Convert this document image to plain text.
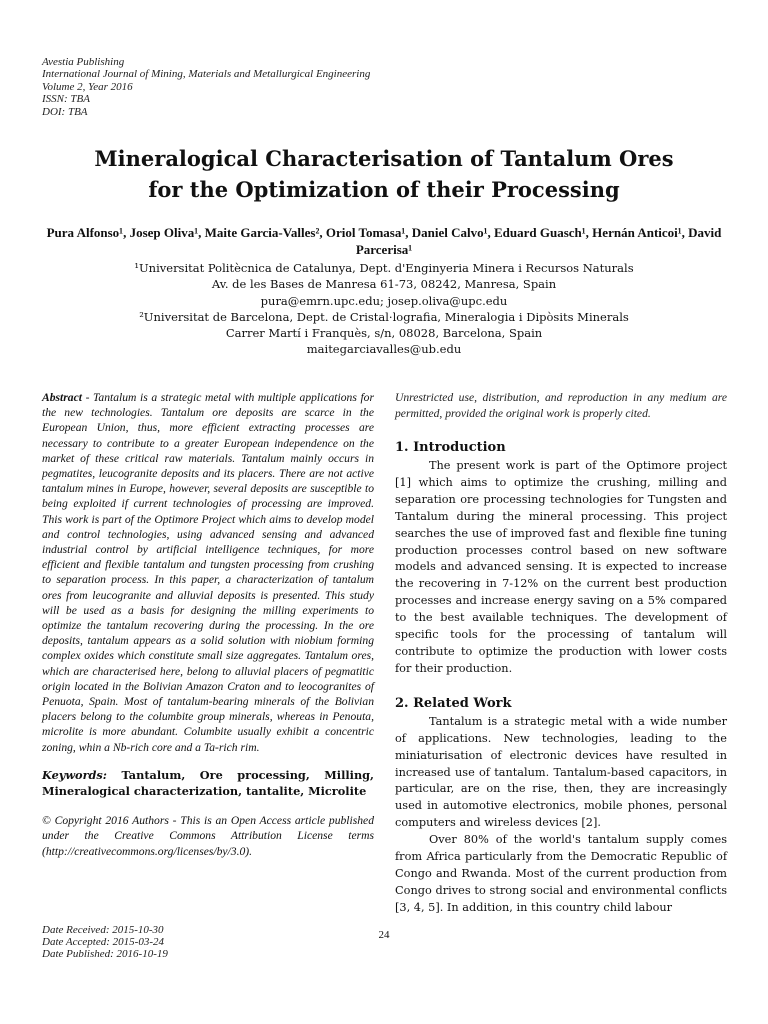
Avestia Publishing
International Journal of Mining, Materials and Metallurgical Engineering
Volume 2, Year 2016
ISSN: TBA
DOI: TBA
Mineralogical Characterisation of Tantalum Ores
for the Optimization of their Processing
Pura Alfonso¹, Josep Oliva¹, Maite Garcia-Valles², Oriol Tomasa¹, Daniel Calvo¹, Eduard Guasch¹, Hernán Anticoi¹, David Parcerisa¹
¹Universitat Politècnica de Catalunya, Dept. d'Enginyeria Minera i Recursos Naturals
Av. de les Bases de Manresa 61-73, 08242, Manresa, Spain
pura@emrn.upc.edu; josep.oliva@upc.edu
²Universitat de Barcelona, Dept. de Cristal·lografia, Mineralogia i Dipòsits Minerals
Carrer Martí i Franquès, s/n, 08028, Barcelona, Spain
maitegarciavalles@ub.edu

Abstract - Tantalum is a strategic metal with multiple applications for the new technologies. Tantalum ore deposits are scarce in the European Union, thus, more efficient extracting processes are necessary to contribute to a greater European independence on the market of these critical raw materials. Tantalum mainly occurs in pegmatites, leucogranite deposits and its placers. There are not active tantalum mines in Europe, however, several deposits are susceptible to being exploited if current technologies of processing are improved. This work is part of the Optimore Project which aims to develop model and control technologies, using advanced sensing and advanced industrial control by artificial intelligence techniques, for more efficient and flexible tantalum and tungsten processing from crushing to separation process. In this paper, a characterization of tantalum ores from leucogranite and alluvial deposits is presented. This study will be used as a basis for designing the milling experiments to optimize the tantalum recovering during the processing. In the ore deposits, tantalum appears as a solid solution with niobium forming complex oxides which constitute small size aggregates. Tantalum ores, which are characterised here, belong to alluvial placers of pegmatitic origin located in the Bolivian Amazon Craton and to leocogranites of Penuota, Spain. Most of tantalum-bearing minerals of the Bolivian placers belong to the columbite group minerals, whereas in Penouta, microlite is more abundant. Columbite usually exhibit a concentric zoning, whin a Nb-rich core and a Ta-rich rim.

Keywords: Tantalum, Ore processing, Milling, Mineralogical characterization, tantalite, Microlite

© Copyright 2016 Authors - This is an Open Access article published under the Creative Commons Attribution License terms (http://creativecommons.org/licenses/by/3.0).

Unrestricted use, distribution, and reproduction in any medium are permitted, provided the original work is properly cited.

1. Introduction

The present work is part of the Optimore project [1] which aims to optimize the crushing, milling and separation ore processing technologies for Tungsten and Tantalum during the mineral processing. This project searches the use of improved fast and flexible fine tuning production processes control based on new software models and advanced sensing. It is expected to increase the recovering in 7-12% on the current best production processes and increase energy saving on a 5% compared to the best available techniques. The development of specific tools for the processing of tantalum will contribute to optimize the production with lower costs for their production.

2. Related Work

Tantalum is a strategic metal with a wide number of applications. New technologies, leading to the miniaturisation of electronic devices have resulted in increased use of tantalum. Tantalum-based capacitors, in particular, are on the rise, then, they are increasingly used in automotive electronics, mobile phones, personal computers and wireless devices [2].

Over 80% of the world's tantalum supply comes from Africa particularly from the Democratic Republic of Congo and Rwanda. Most of the current production from Congo drives to strong social and environmental conflicts [3, 4, 5]. In addition, in this country child labour

Date Received: 2015-10-30
Date Accepted: 2015-03-24
Date Published: 2016-10-19
24
